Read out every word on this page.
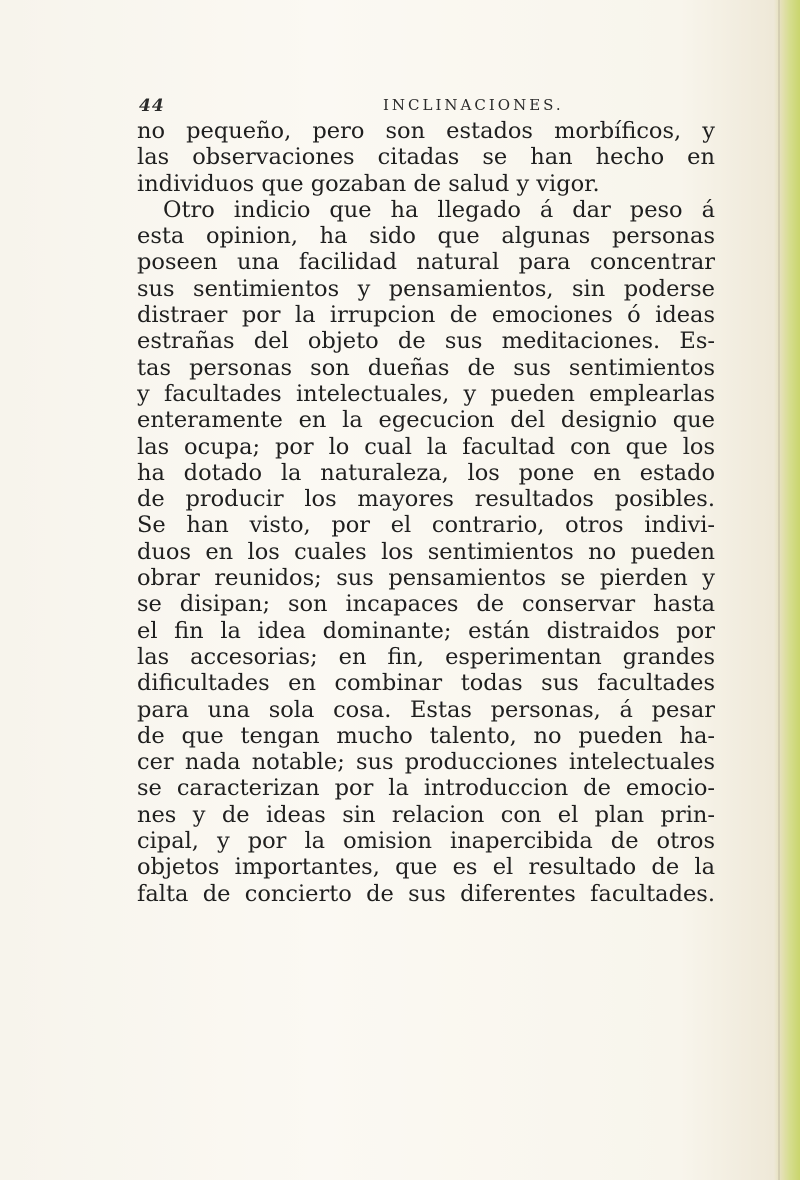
44	INCLINACIONES.
no pequeño, pero son estados morbíficos, y
las observaciones citadas se han hecho en
individuos que gozaban de salud y vigor.
Otro indicio que ha llegado á dar peso á
esta opinion, ha sido que algunas personas
poseen una facilidad natural para concentrar
sus sentimientos y pensamientos, sin poderse
distraer por la irrupcion de emociones ó ideas
estrañas del objeto de sus meditaciones. Es-
tas personas son dueñas de sus sentimientos
y facultades intelectuales, y pueden emplearlas
enteramente en la egecucion del designio que
las ocupa; por lo cual la facultad con que los
ha dotado la naturaleza, los pone en estado
de producir los mayores resultados posibles.
Se han visto, por el contrario, otros indivi-
duos en los cuales los sentimientos no pueden
obrar reunidos; sus pensamientos se pierden y
se disipan; son incapaces de conservar hasta
el fin la idea dominante; están distraidos por
las accesorias; en fin, esperimentan grandes
dificultades en combinar todas sus facultades
para una sola cosa. Estas personas, á pesar
de que tengan mucho talento, no pueden ha-
cer nada notable; sus producciones intelectuales
se caracterizan por la introduccion de emocio-
nes y de ideas sin relacion con el plan prin-
cipal, y por la omision inapercibida de otros
objetos importantes, que es el resultado de la
falta de concierto de sus diferentes facultades.
